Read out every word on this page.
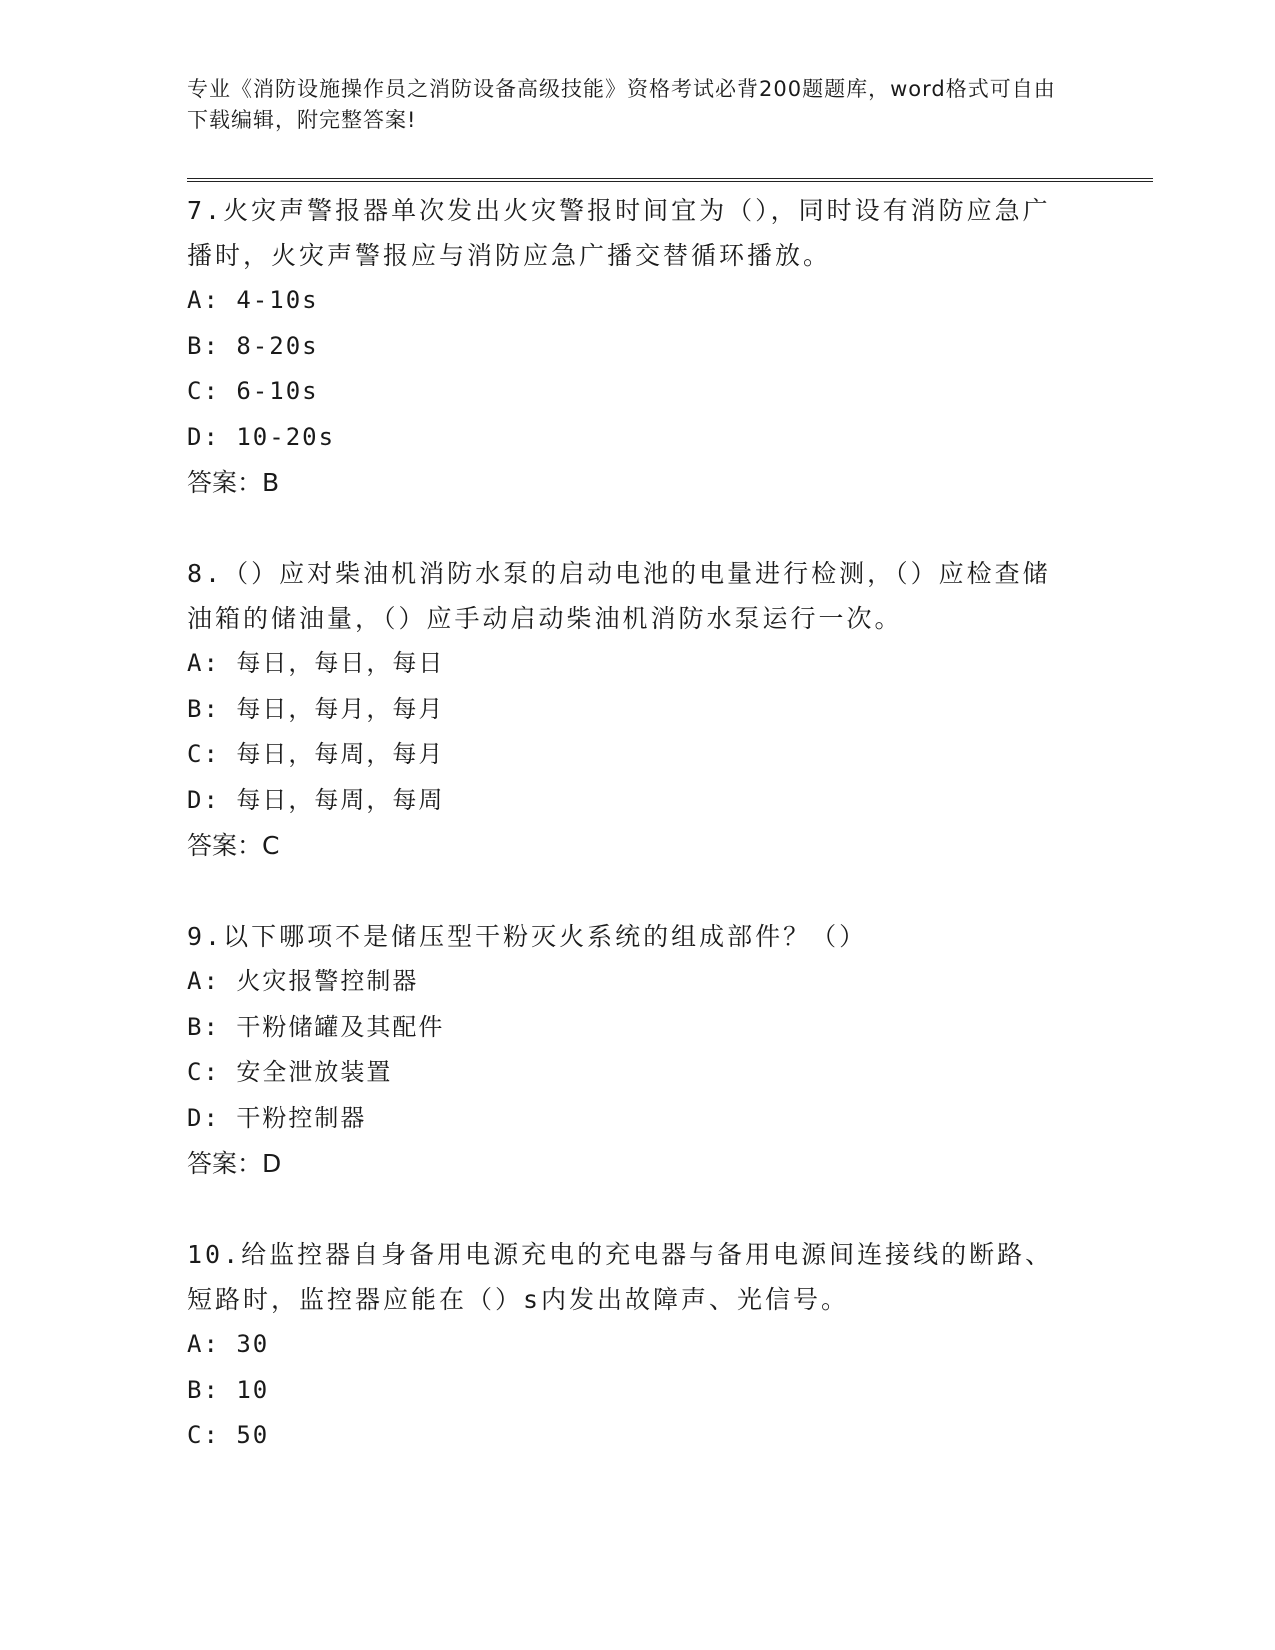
专业《消防设施操作员之消防设备高级技能》资格考试必背200题题库，word格式可自由下载编辑，附完整答案!

7.火灾声警报器单次发出火灾警报时间宜为（），同时设有消防应急广播时，火灾声警报应与消防应急广播交替循环播放。

A: 4-10s

B: 8-20s

C: 6-10s

D: 10-20s

答案：B

8.（）应对柴油机消防水泵的启动电池的电量进行检测，（）应检查储油箱的储油量，（）应手动启动柴油机消防水泵运行一次。

A: 每日，每日，每日

B: 每日，每月，每月

C: 每日，每周，每月

D: 每日，每周，每周

答案：C

9.以下哪项不是储压型干粉灭火系统的组成部件？（）

A: 火灾报警控制器

B: 干粉储罐及其配件

C: 安全泄放装置

D: 干粉控制器

答案：D

10.给监控器自身备用电源充电的充电器与备用电源间连接线的断路、短路时，监控器应能在（）s内发出故障声、光信号。

A: 30

B: 10

C: 50
